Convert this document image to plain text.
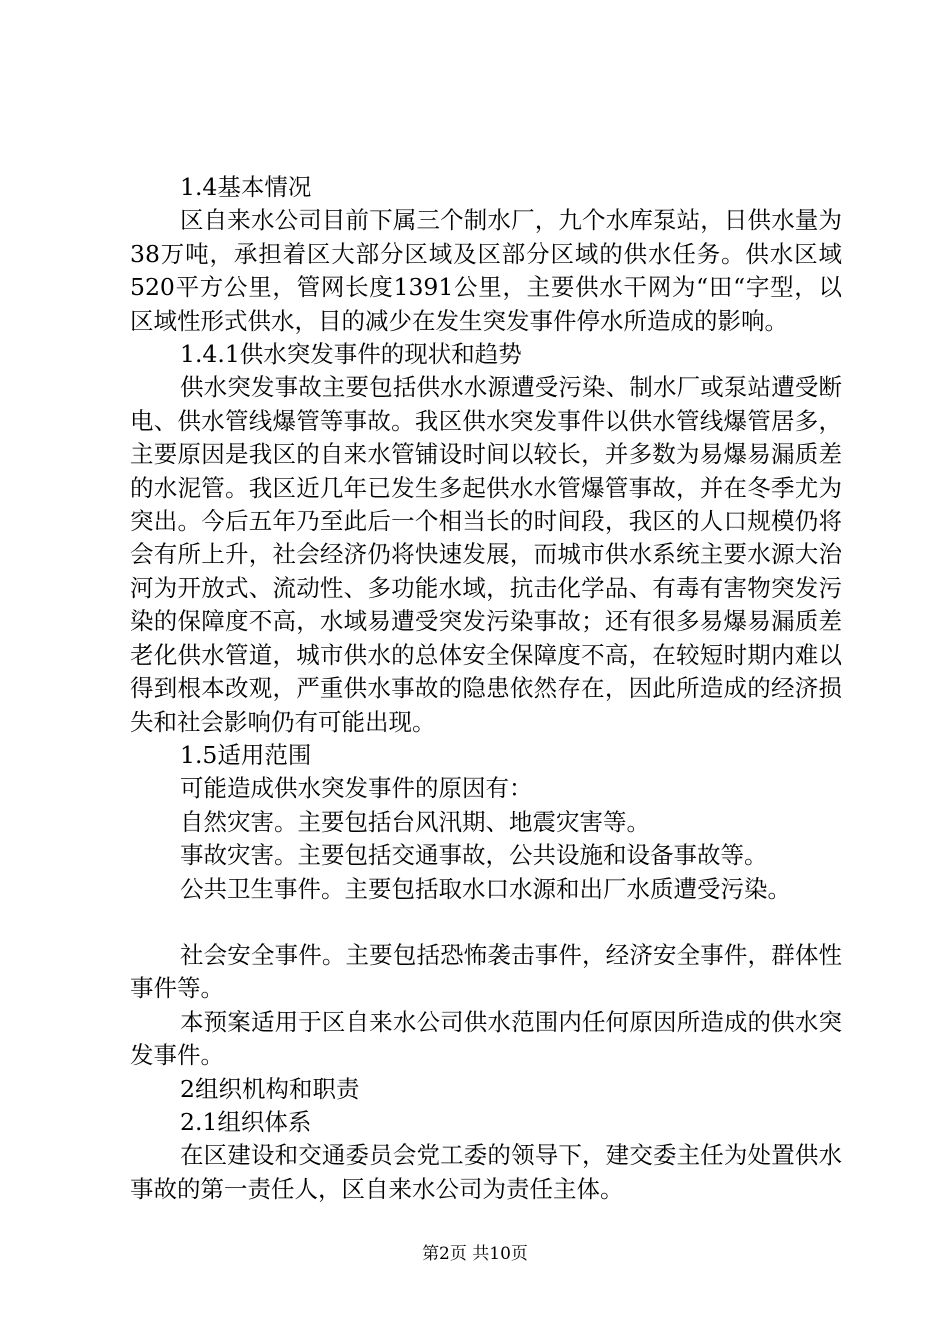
1.4基本情况

区自来水公司目前下属三个制水厂，九个水库泵站，日供水量为38万吨，承担着区大部分区域及区部分区域的供水任务。供水区域520平方公里，管网长度1391公里，主要供水干网为“田“字型，以区域性形式供水，目的减少在发生突发事件停水所造成的影响。

1.4.1供水突发事件的现状和趋势

供水突发事故主要包括供水水源遭受污染、制水厂或泵站遭受断电、供水管线爆管等事故。我区供水突发事件以供水管线爆管居多，主要原因是我区的自来水管铺设时间以较长，并多数为易爆易漏质差的水泥管。我区近几年已发生多起供水水管爆管事故，并在冬季尤为突出。今后五年乃至此后一个相当长的时间段，我区的人口规模仍将会有所上升，社会经济仍将快速发展，而城市供水系统主要水源大治河为开放式、流动性、多功能水域，抗击化学品、有毒有害物突发污染的保障度不高，水域易遭受突发污染事故；还有很多易爆易漏质差老化供水管道，城市供水的总体安全保障度不高，在较短时期内难以得到根本改观，严重供水事故的隐患依然存在，因此所造成的经济损失和社会影响仍有可能出现。

1.5适用范围

可能造成供水突发事件的原因有：

自然灾害。主要包括台风汛期、地震灾害等。

事故灾害。主要包括交通事故，公共设施和设备事故等。

公共卫生事件。主要包括取水口水源和出厂水质遭受污染。

社会安全事件。主要包括恐怖袭击事件，经济安全事件，群体性事件等。

本预案适用于区自来水公司供水范围内任何原因所造成的供水突发事件。

2组织机构和职责

2.1组织体系

在区建设和交通委员会党工委的领导下，建交委主任为处置供水事故的第一责任人，区自来水公司为责任主体。

第2页 共10页
